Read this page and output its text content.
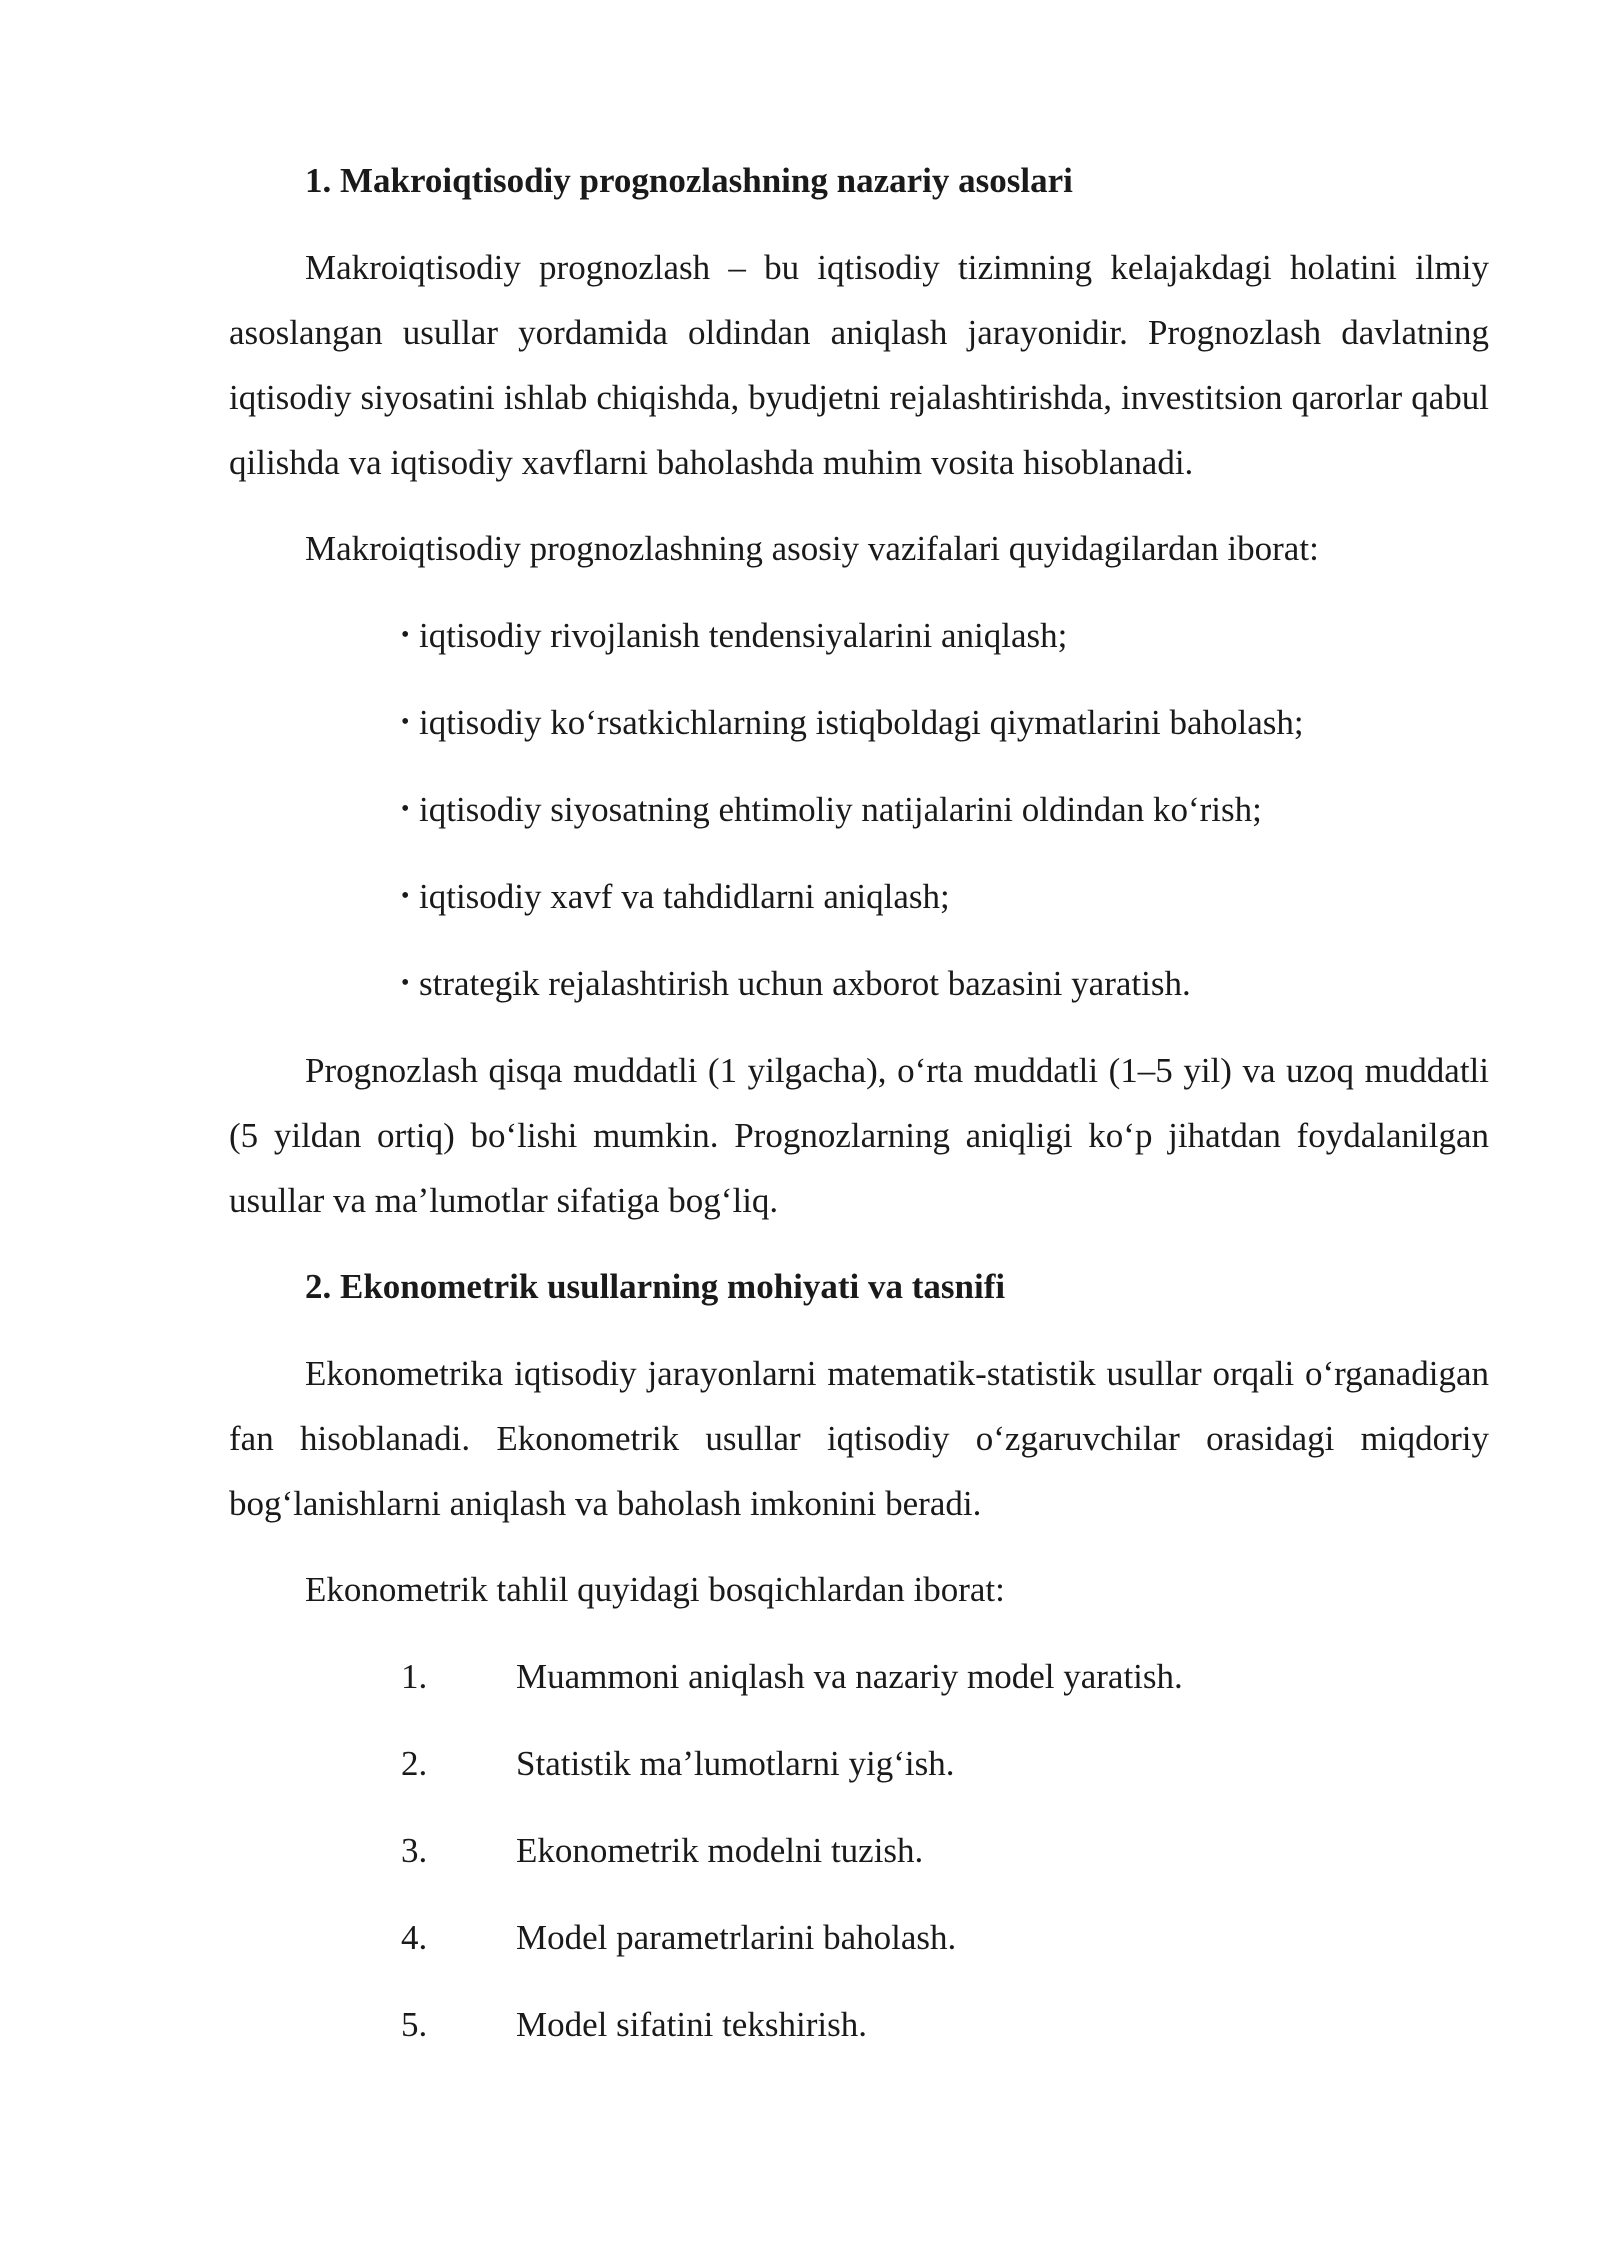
1. Makroiqtisodiy prognozlashning nazariy asoslari

Makroiqtisodiy prognozlash – bu iqtisodiy tizimning kelajakdagi holatini ilmiy asoslangan usullar yordamida oldindan aniqlash jarayonidir. Prognozlash davlatning iqtisodiy siyosatini ishlab chiqishda, byudjetni rejalashtirishda, investitsion qarorlar qabul qilishda va iqtisodiy xavflarni baholashda muhim vosita hisoblanadi.

Makroiqtisodiy prognozlashning asosiy vazifalari quyidagilardan iborat:

• iqtisodiy rivojlanish tendensiyalarini aniqlash;
• iqtisodiy koʻrsatkichlarning istiqboldagi qiymatlarini baholash;
• iqtisodiy siyosatning ehtimoliy natijalarini oldindan koʻrish;
• iqtisodiy xavf va tahdidlarni aniqlash;
• strategik rejalashtirish uchun axborot bazasini yaratish.

Prognozlash qisqa muddatli (1 yilgacha), oʻrta muddatli (1–5 yil) va uzoq muddatli (5 yildan ortiq) boʻlishi mumkin. Prognozlarning aniqligi koʻp jihatdan foydalanilgan usullar va maʼlumotlar sifatiga bogʻliq.

2. Ekonometrik usullarning mohiyati va tasnifi

Ekonometrika iqtisodiy jarayonlarni matematik-statistik usullar orqali oʻrganadigan fan hisoblanadi. Ekonometrik usullar iqtisodiy oʻzgaruvchilar orasidagi miqdoriy bogʻlanishlarni aniqlash va baholash imkonini beradi.

Ekonometrik tahlil quyidagi bosqichlardan iborat:

1.	Muammoni aniqlash va nazariy model yaratish.
2.	Statistik maʼlumotlarni yigʻish.
3.	Ekonometrik modelni tuzish.
4.	Model parametrlarini baholash.
5.	Model sifatini tekshirish.
